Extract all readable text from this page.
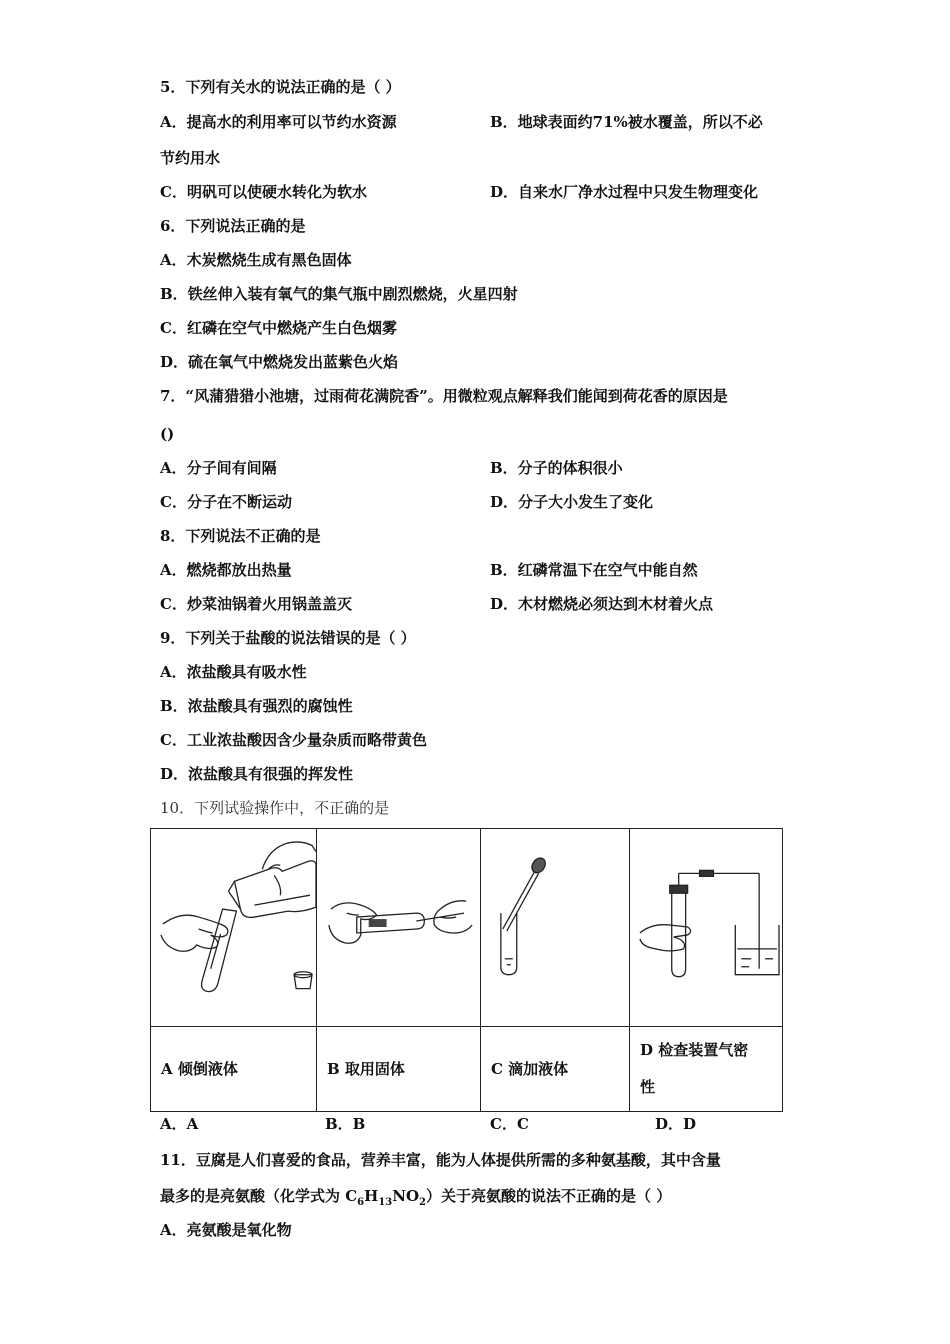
5．下列有关水的说法正确的是（ ）
A．提高水的利用率可以节约水资源	B．地球表面约71%被水覆盖，所以不必
节约用水
C．明矾可以使硬水转化为软水	D．自来水厂净水过程中只发生物理变化
6．下列说法正确的是
A．木炭燃烧生成有黑色固体
B．铁丝伸入装有氧气的集气瓶中剧烈燃烧，火星四射
C．红磷在空气中燃烧产生白色烟雾
D．硫在氧气中燃烧发出蓝紫色火焰
7．“风蒲猎猎小池塘，过雨荷花满院香”。用微粒观点解释我们能闻到荷花香的原因是
()
A．分子间有间隔	B．分子的体积很小
C．分子在不断运动	D．分子大小发生了变化
8．下列说法不正确的是
A．燃烧都放出热量	B．红磷常温下在空气中能自然
C．炒菜油锅着火用锅盖盖灭	D．木材燃烧必须达到木材着火点
9．下列关于盐酸的说法错误的是（ ）
A．浓盐酸具有吸水性
B．浓盐酸具有强烈的腐蚀性
C．工业浓盐酸因含少量杂质而略带黄色
D．浓盐酸具有很强的挥发性
10．下列试验操作中，不正确的是

A 倾倒液体	B 取用固体	C 滴加液体	D 检查装置气密
性
A．A	B．B	C．C	D．D
11．豆腐是人们喜爱的食品，营养丰富，能为人体提供所需的多种氨基酸，其中含量
最多的是亮氨酸（化学式为 $C_6H_{13}NO_2$）关于亮氨酸的说法不正确的是（ ）
A．亮氨酸是氧化物
